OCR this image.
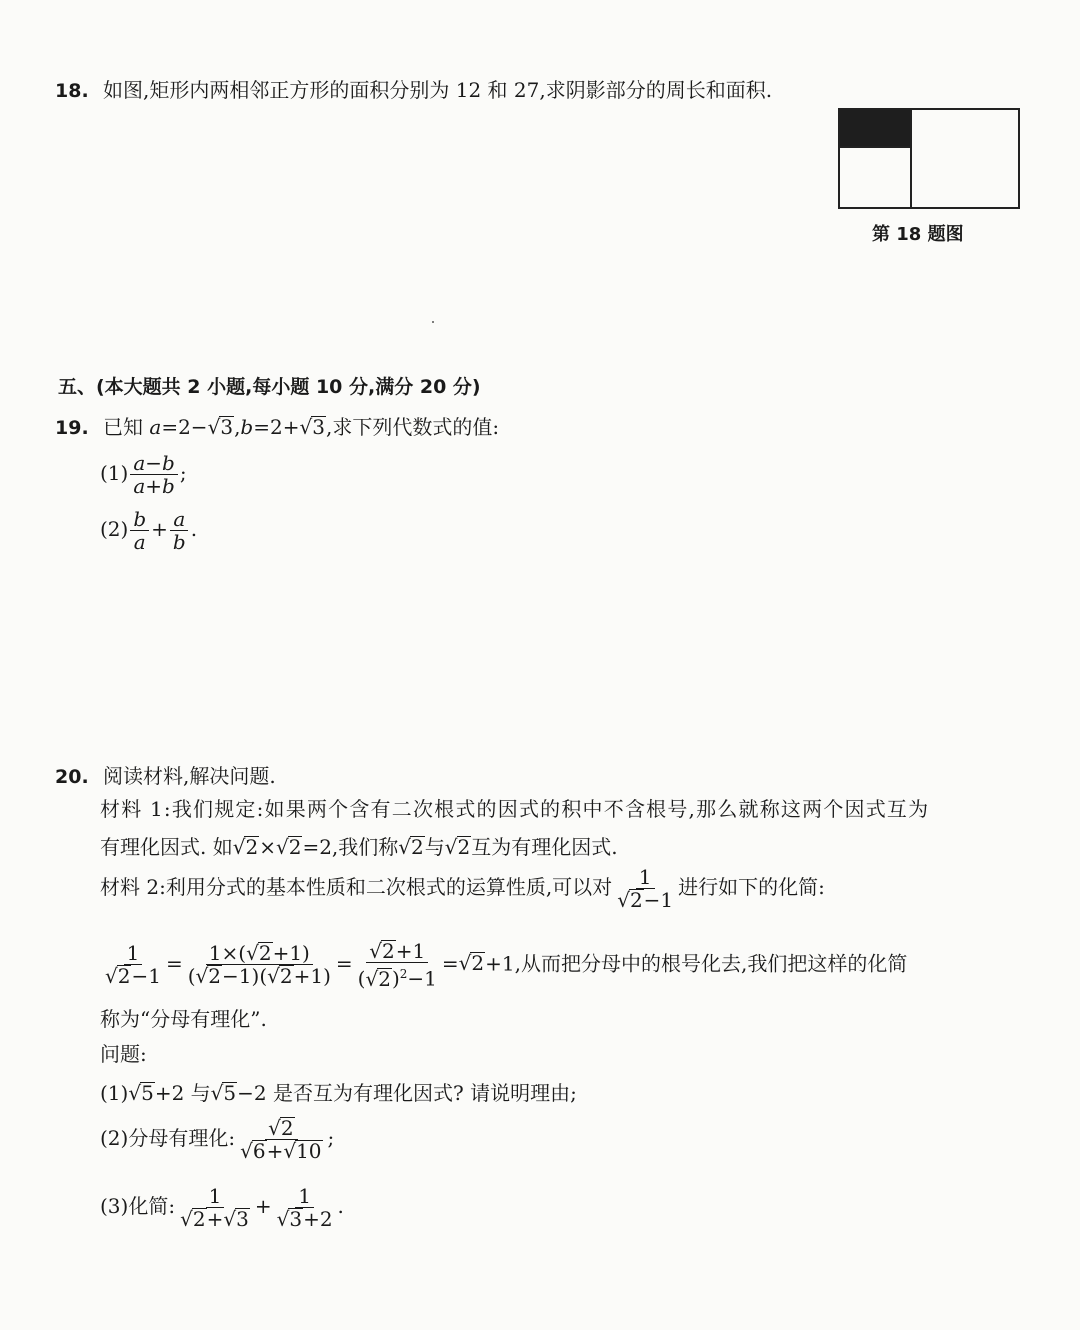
18. 如图,矩形内两相邻正方形的面积分别为 12 和 27,求阴影部分的周长和面积.
第 18 题图
五、(本大题共 2 小题,每小题 10 分,满分 20 分)
19. 已知 a=2−√3,b=2+√3,求下列代数式的值:
$(1) \frac{a-b}{a+b}$ ;
$(2) \frac{b}{a} + \frac{a}{b}$ .
20. 阅读材料,解决问题.
材料 1:我们规定:如果两个含有二次根式的因式的积中不含根号,那么就称这两个因式互为
有理化因式. 如√2×√2=2,我们称√2与√2互为有理化因式.
材料 2:利用分式的基本性质和二次根式的运算性质,可以对 $\frac{1}{√2-1}$ 进行如下的化简:
$\frac{1}{√2-1} = \frac{1\times(√2+1)}{(√2-1)(√2+1)} = \frac{√2+1}{(√2)^2-1} =√2+1$,从而把分母中的根号化去,我们把这样的化简
称为“分母有理化”.
问题:
(1)√5+2 与√5−2 是否互为有理化因式? 请说明理由;
(2)分母有理化: $\frac{√2}{√6+√10}$ ;
(3)化简: $\frac{1}{√2+√3} + \frac{1}{√3+2}$ .
